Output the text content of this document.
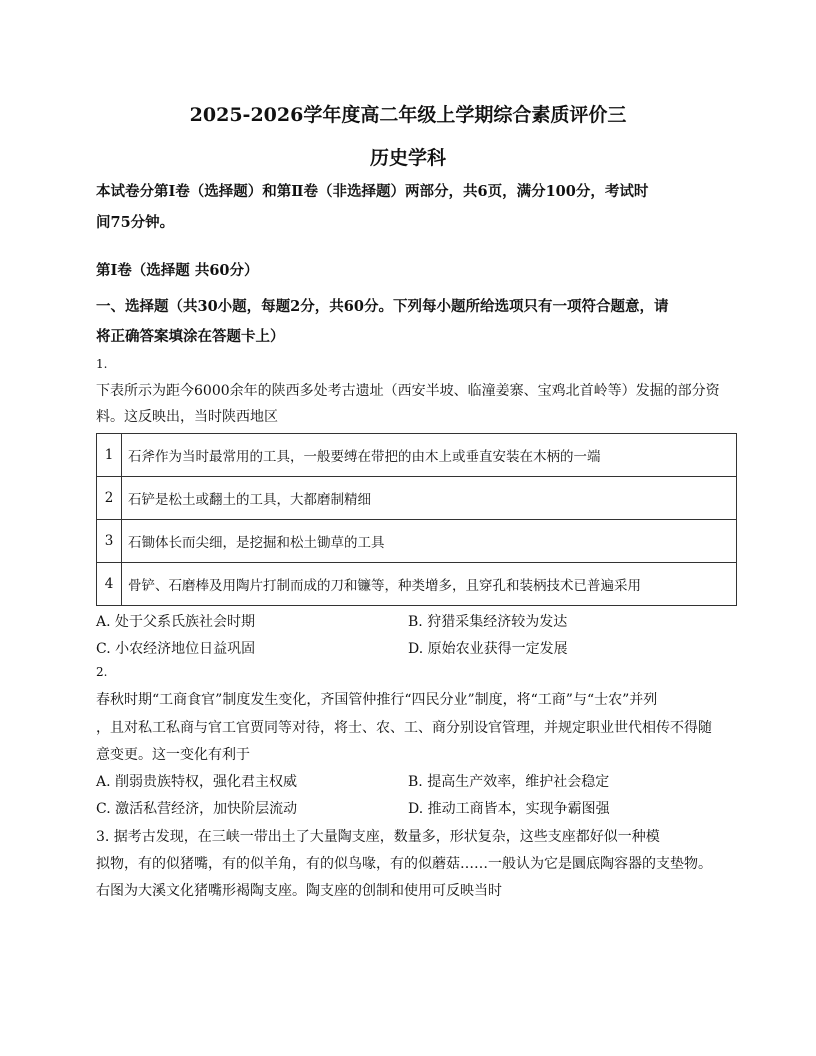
2025-2026学年度高二年级上学期综合素质评价三
历史学科
本试卷分第Ⅰ卷（选择题）和第Ⅱ卷（非选择题）两部分，共6页，满分100分，考试时
间75分钟。
第Ⅰ卷（选择题 共60分）
一、选择题（共30小题，每题2分，共60分。下列每小题所给选项只有一项符合题意，请
将正确答案填涂在答题卡上）
1.
下表所示为距今6000余年的陕西多处考古遗址（西安半坡、临潼姜寨、宝鸡北首岭等）发掘的部分资
料。这反映出，当时陕西地区
1	石斧作为当时最常用的工具，一般要缚在带把的由木上或垂直安装在木柄的一端
2	石铲是松土或翻土的工具，大都磨制精细
3	石锄体长而尖细，是挖掘和松土锄草的工具
4	骨铲、石磨棒及用陶片打制而成的刀和镰等，种类增多，且穿孔和装柄技术已普遍采用
A. 处于父系氏族社会时期	B. 狩猎采集经济较为发达
C. 小农经济地位日益巩固	D. 原始农业获得一定发展
2.
春秋时期“工商食官”制度发生变化，齐国管仲推行“四民分业”制度，将“工商”与“士农”并列
，且对私工私商与官工官贾同等对待，将士、农、工、商分别设官管理，并规定职业世代相传不得随
意变更。这一变化有利于
A. 削弱贵族特权，强化君主权威	B. 提高生产效率，维护社会稳定
C. 激活私营经济，加快阶层流动	D. 推动工商皆本，实现争霸图强
3. 据考古发现，在三峡一带出土了大量陶支座，数量多，形状复杂，这些支座都好似一种模
拟物，有的似猪嘴，有的似羊角，有的似鸟喙，有的似蘑菇……一般认为它是圜底陶容器的支垫物。
右图为大溪文化猪嘴形褐陶支座。陶支座的创制和使用可反映当时
